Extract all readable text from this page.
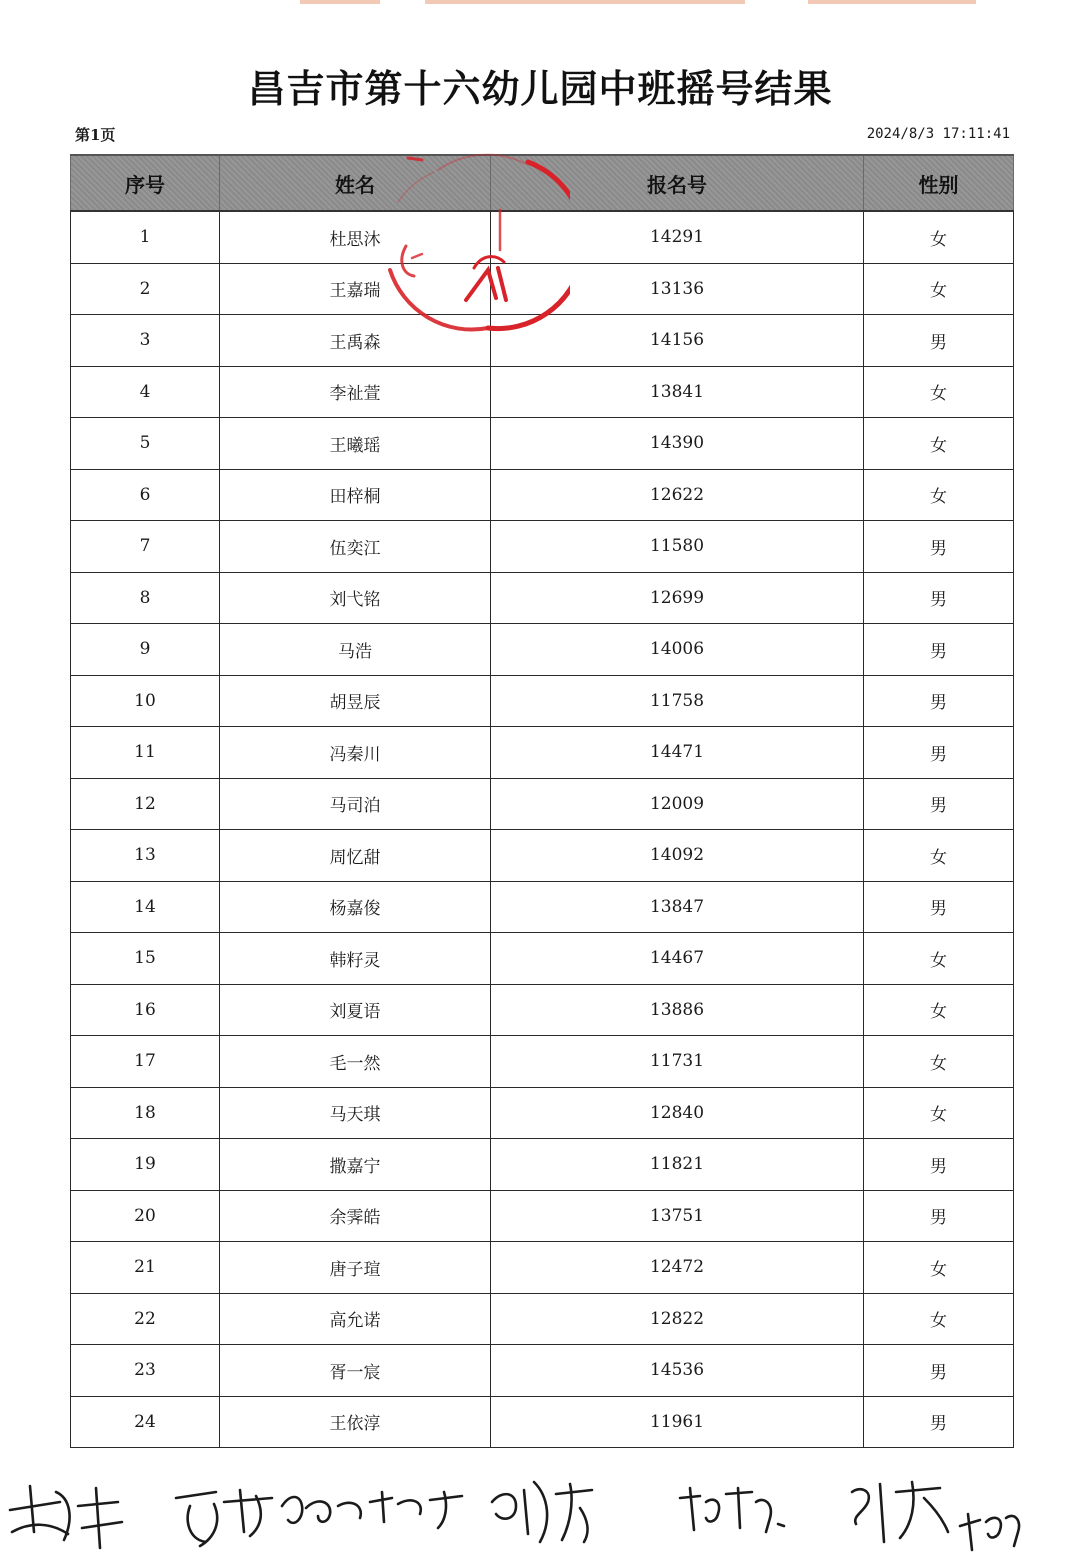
昌吉市第十六幼儿园中班摇号结果
第1页	2024/8/3 17:11:41
序号	姓名	报名号	性别
1	杜思沐	14291	女
2	王嘉瑞	13136	女
3	王禹森	14156	男
4	李祉萱	13841	女
5	王曦瑶	14390	女
6	田梓桐	12622	女
7	伍奕江	11580	男
8	刘弋铭	12699	男
9	马浩	14006	男
10	胡昱辰	11758	男
11	冯秦川	14471	男
12	马司泊	12009	男
13	周忆甜	14092	女
14	杨嘉俊	13847	男
15	韩籽灵	14467	女
16	刘夏语	13886	女
17	毛一然	11731	女
18	马天琪	12840	女
19	撒嘉宁	11821	男
20	余霁皓	13751	男
21	唐子瑄	12472	女
22	高允诺	12822	女
23	胥一宸	14536	男
24	王依淳	11961	男
